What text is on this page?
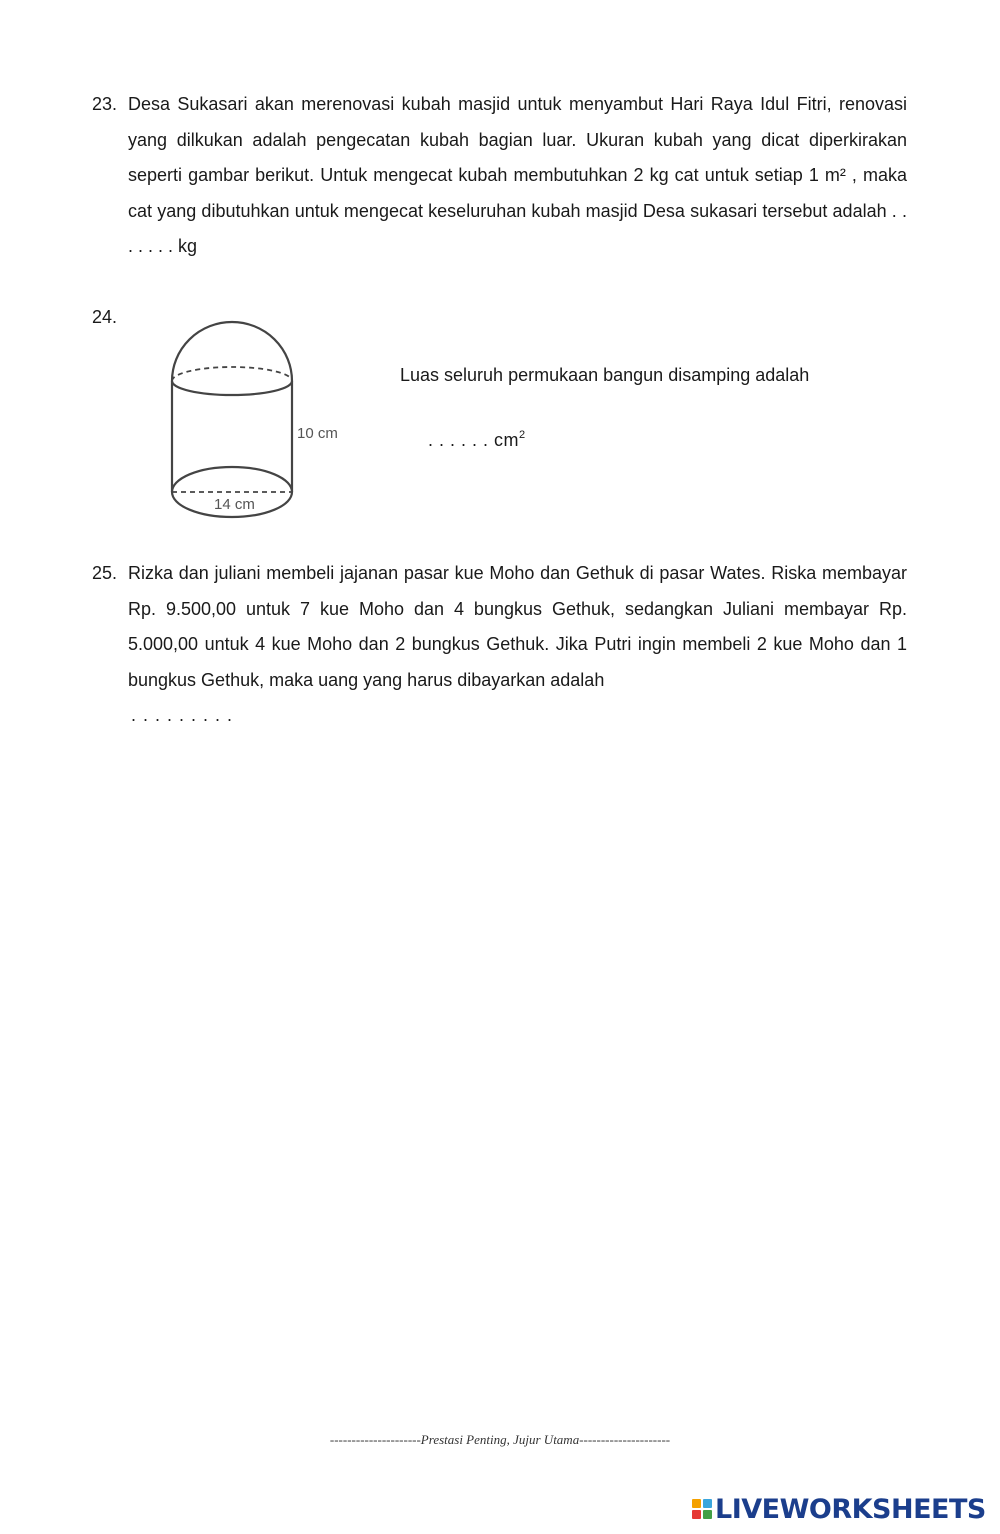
23. Desa Sukasari akan merenovasi kubah masjid untuk menyambut Hari Raya Idul Fitri, renovasi yang dilkukan adalah pengecatan kubah bagian luar. Ukuran kubah yang dicat diperkirakan seperti gambar berikut. Untuk mengecat kubah membutuhkan 2 kg cat untuk setiap 1 m² , maka cat yang dibutuhkan untuk mengecat keseluruhan kubah masjid Desa sukasari tersebut adalah . . . . . . . kg
24.
10 cm
14 cm
Luas seluruh permukaan bangun disamping adalah
. . . . . . $cm^2$
25. Rizka dan juliani membeli jajanan pasar kue Moho dan Gethuk di pasar Wates. Riska membayar Rp. 9.500,00 untuk 7 kue Moho dan 4 bungkus Gethuk, sedangkan Juliani membayar Rp. 5.000,00 untuk 4 kue Moho dan 2 bungkus Gethuk. Jika Putri ingin membeli 2 kue Moho dan 1 bungkus Gethuk, maka uang yang harus dibayarkan adalah
. . . . . . . . .
---------------------Prestasi Penting, Jujur Utama---------------------
LIVEWORKSHEETS
